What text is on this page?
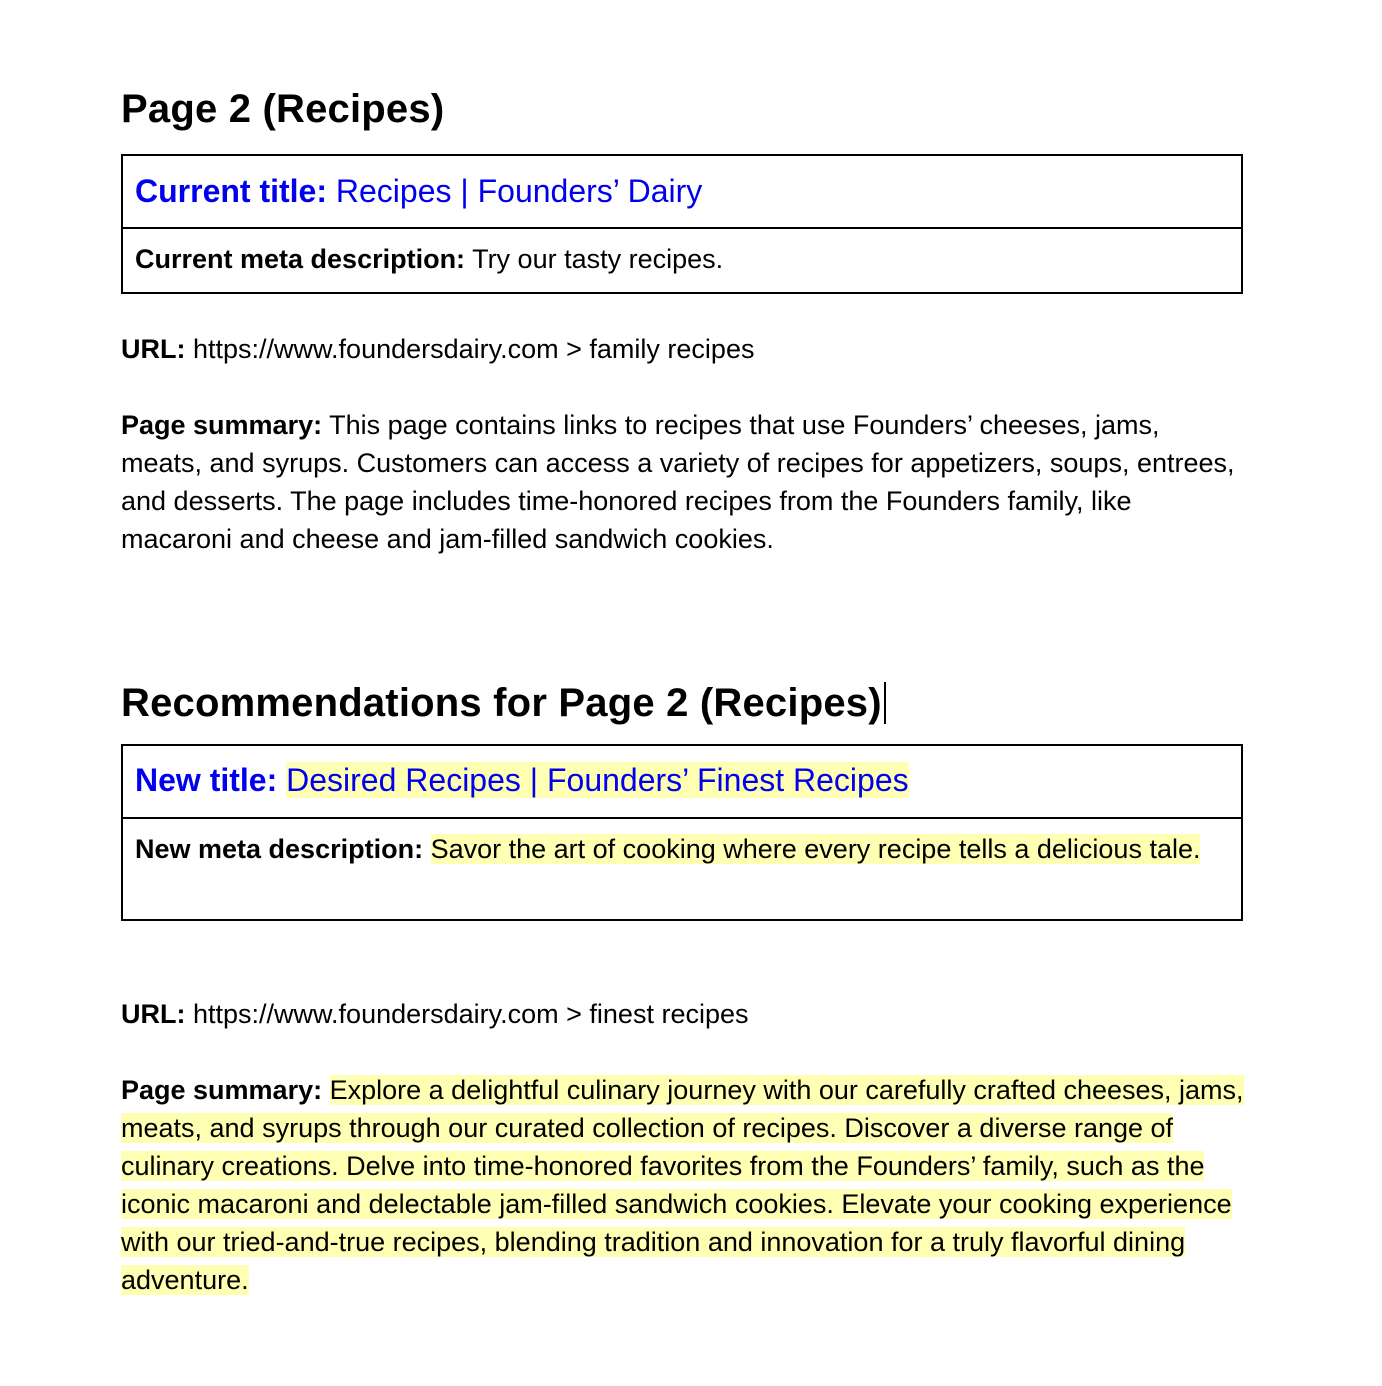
Page 2 (Recipes)
Current title: Recipes | Founders’ Dairy
Current meta description: Try our tasty recipes.

URL: https://www.foundersdairy.com > family recipes

Page summary: This page contains links to recipes that use Founders’ cheeses, jams, meats, and syrups. Customers can access a variety of recipes for appetizers, soups, entrees, and desserts. The page includes time-honored recipes from the Founders family, like macaroni and cheese and jam-filled sandwich cookies.

Recommendations for Page 2 (Recipes)
New title: Desired Recipes | Founders’ Finest Recipes
New meta description: Savor the art of cooking where every recipe tells a delicious tale.

URL: https://www.foundersdairy.com > finest recipes

Page summary: Explore a delightful culinary journey with our carefully crafted cheeses, jams, meats, and syrups through our curated collection of recipes. Discover a diverse range of culinary creations. Delve into time-honored favorites from the Founders’ family, such as the iconic macaroni and delectable jam-filled sandwich cookies. Elevate your cooking experience with our tried-and-true recipes, blending tradition and innovation for a truly flavorful dining adventure.
